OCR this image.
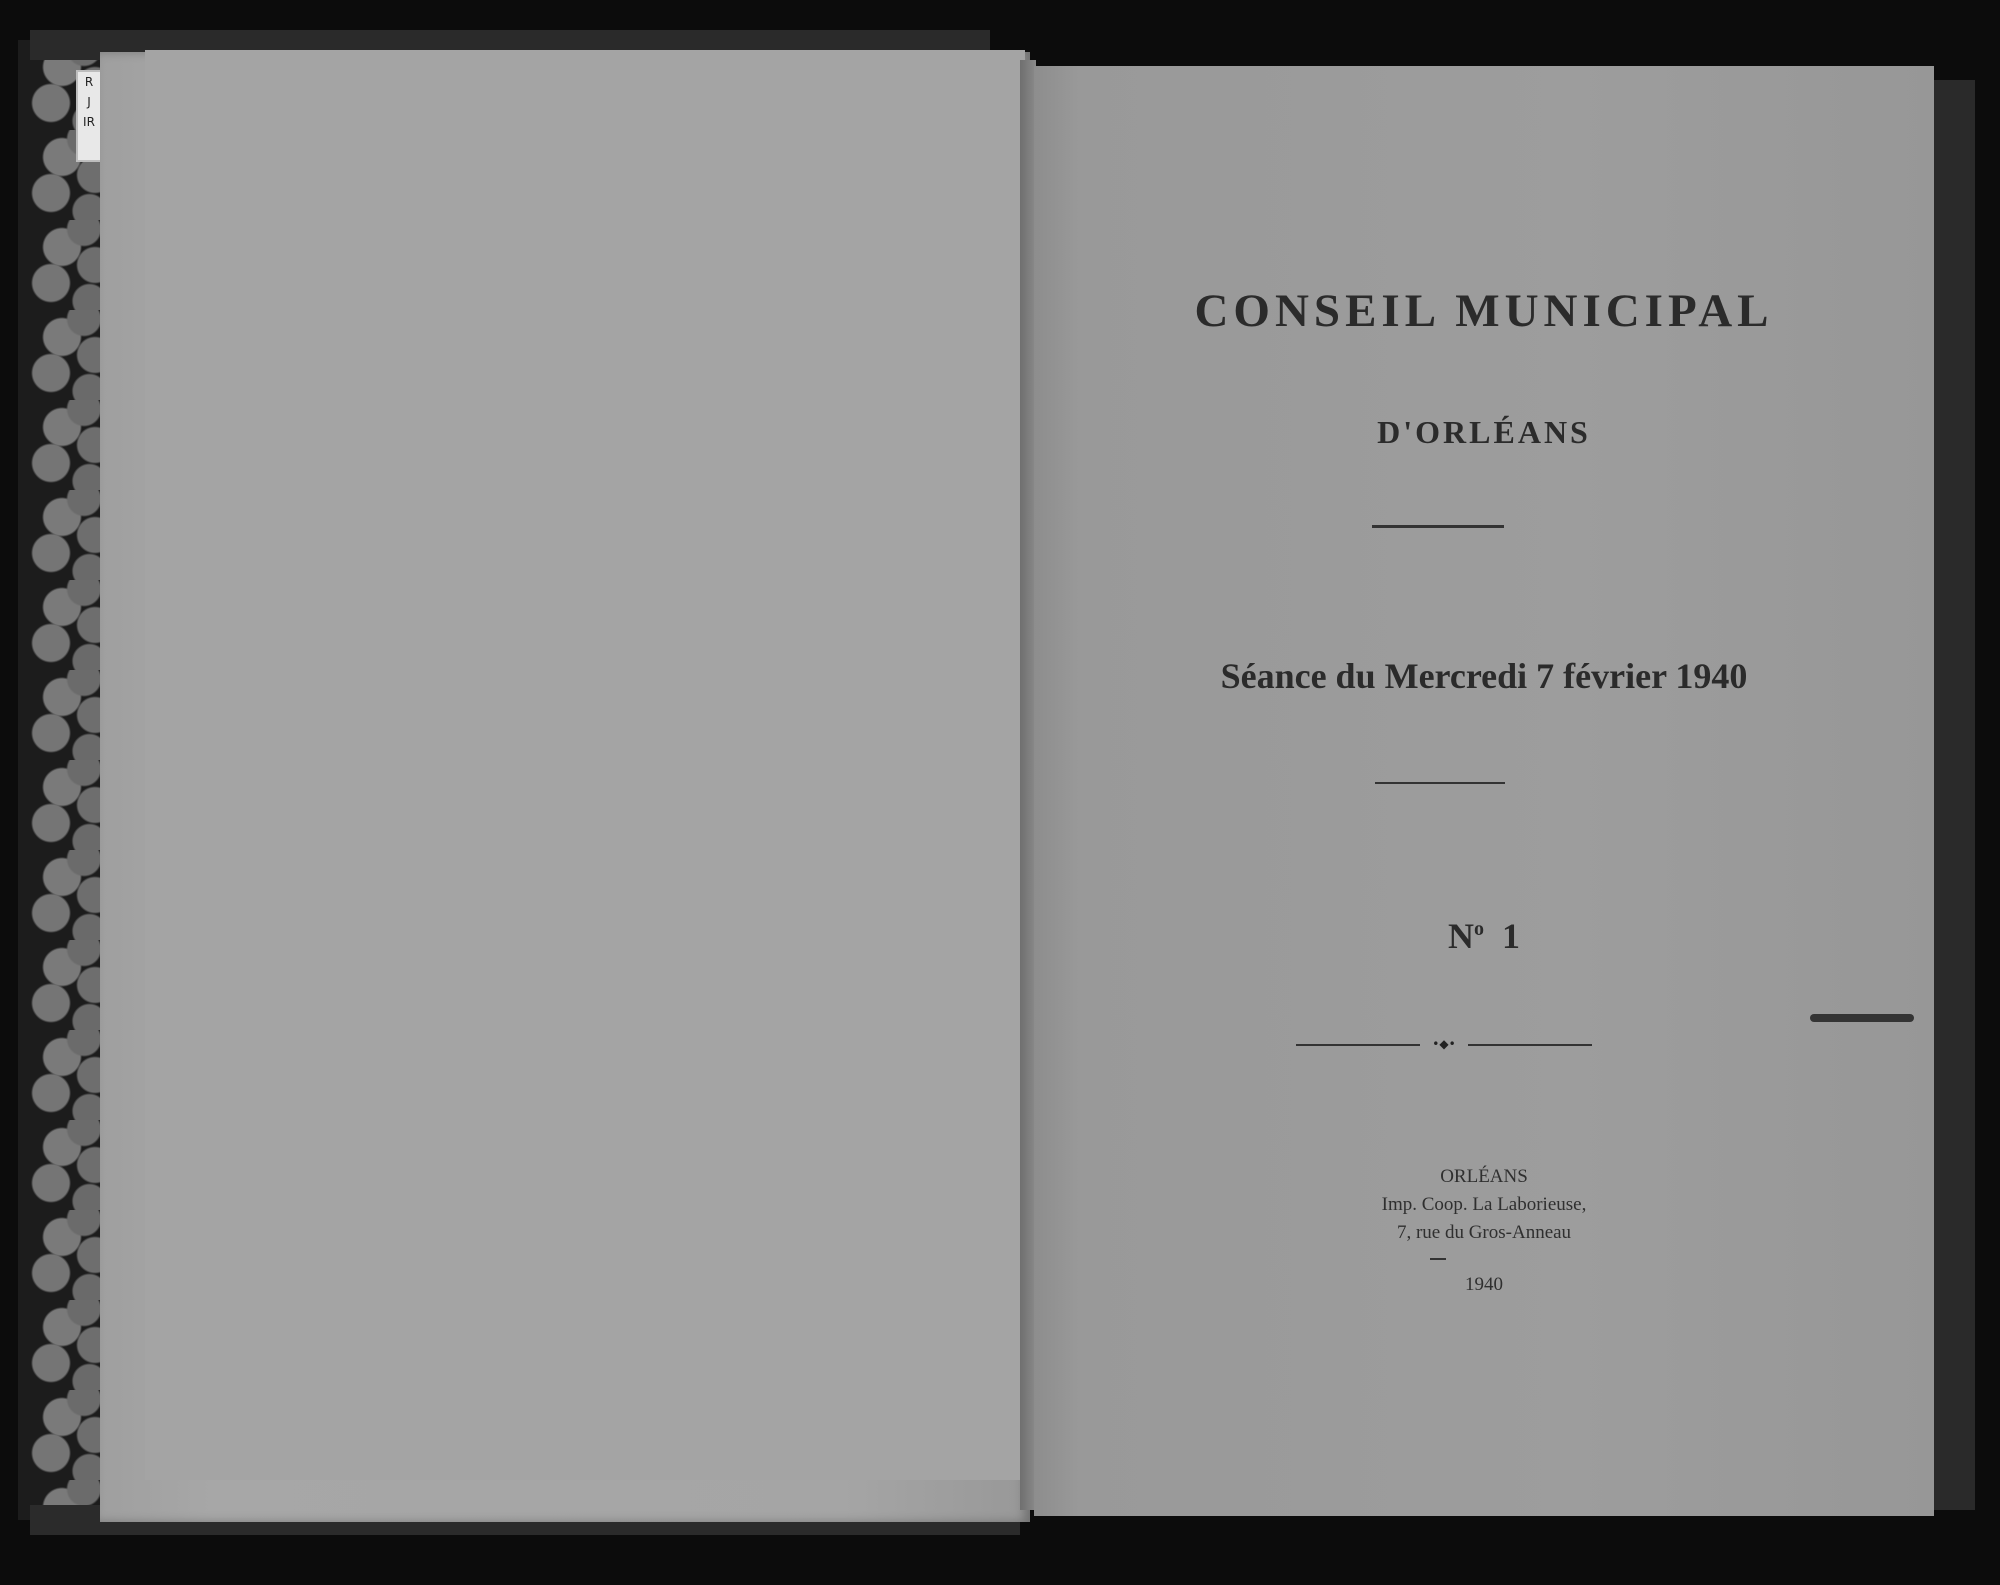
R
J
IR
CONSEIL MUNICIPAL
D'ORLÉANS
Séance du Mercredi 7 février 1940
$N^o$ 1
•◆•
ORLÉANS
Imp. Coop. La Laborieuse,
7, rue du Gros-Anneau
1940
